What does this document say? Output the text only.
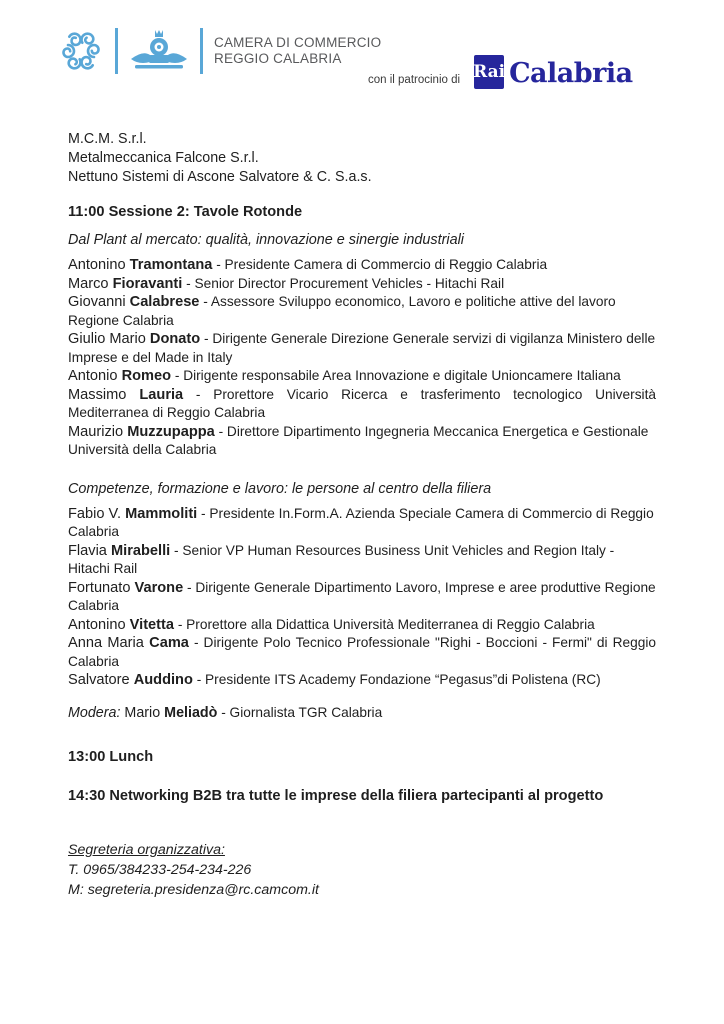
CAMERA DI COMMERCIO
REGGIO CALABRIA
con il patrocinio di Rai Calabria

M.C.M. S.r.l.

Metalmeccanica Falcone S.r.l.

Nettuno Sistemi di Ascone Salvatore & C. S.a.s.

11:00 Sessione 2: Tavole Rotonde

Dal Plant al mercato: qualità, innovazione e sinergie industriali

Antonino Tramontana - Presidente Camera di Commercio di Reggio Calabria

Marco Fioravanti - Senior Director Procurement Vehicles - Hitachi Rail

Giovanni Calabrese - Assessore Sviluppo economico, Lavoro e politiche attive del lavoro Regione Calabria

Giulio Mario Donato - Dirigente Generale Direzione Generale servizi di vigilanza Ministero delle Imprese e del Made in Italy

Antonio Romeo - Dirigente responsabile Area Innovazione e digitale Unioncamere Italiana

Massimo Lauria - Prorettore Vicario Ricerca e trasferimento tecnologico Università Mediterranea di Reggio Calabria

Maurizio Muzzupappa - Direttore Dipartimento Ingegneria Meccanica Energetica e Gestionale Università della Calabria

Competenze, formazione e lavoro: le persone al centro della filiera

Fabio V. Mammoliti - Presidente In.Form.A. Azienda Speciale Camera di Commercio di Reggio Calabria

Flavia Mirabelli - Senior VP Human Resources Business Unit Vehicles and Region Italy -Hitachi Rail

Fortunato Varone - Dirigente Generale Dipartimento Lavoro, Imprese e aree produttive Regione Calabria

Antonino Vitetta - Prorettore alla Didattica Università Mediterranea di Reggio Calabria

Anna Maria Cama - Dirigente Polo Tecnico Professionale "Righi - Boccioni - Fermi" di Reggio Calabria

Salvatore Auddino - Presidente ITS Academy Fondazione “Pegasus”di Polistena (RC)

Modera: Mario Meliadò - Giornalista TGR Calabria

13:00 Lunch

14:30 Networking B2B tra tutte le imprese della filiera partecipanti al progetto

Segreteria organizzativa:

T. 0965/384233-254-234-226

M: segreteria.presidenza@rc.camcom.it
